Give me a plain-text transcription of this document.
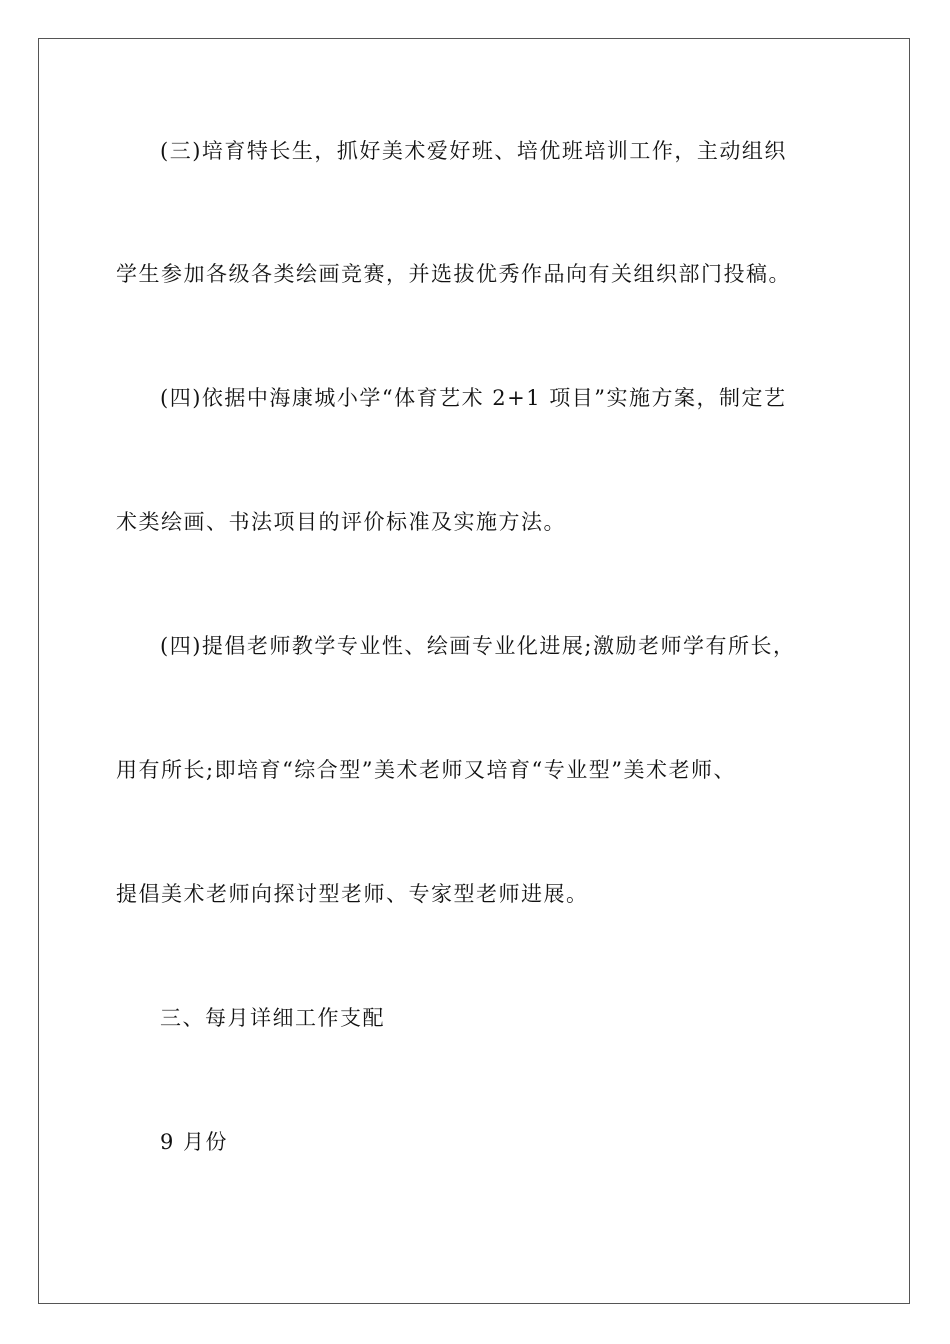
(三)培育特长生，抓好美术爱好班、培优班培训工作，主动组织
学生参加各级各类绘画竞赛，并选拔优秀作品向有关组织部门投稿。
(四)依据中海康城小学“体育艺术 2+1 项目”实施方案，制定艺
术类绘画、书法项目的评价标准及实施方法。
(四)提倡老师教学专业性、绘画专业化进展;激励老师学有所长，
用有所长;即培育“综合型”美术老师又培育“专业型”美术老师、
提倡美术老师向探讨型老师、专家型老师进展。
三、每月详细工作支配
9 月份
